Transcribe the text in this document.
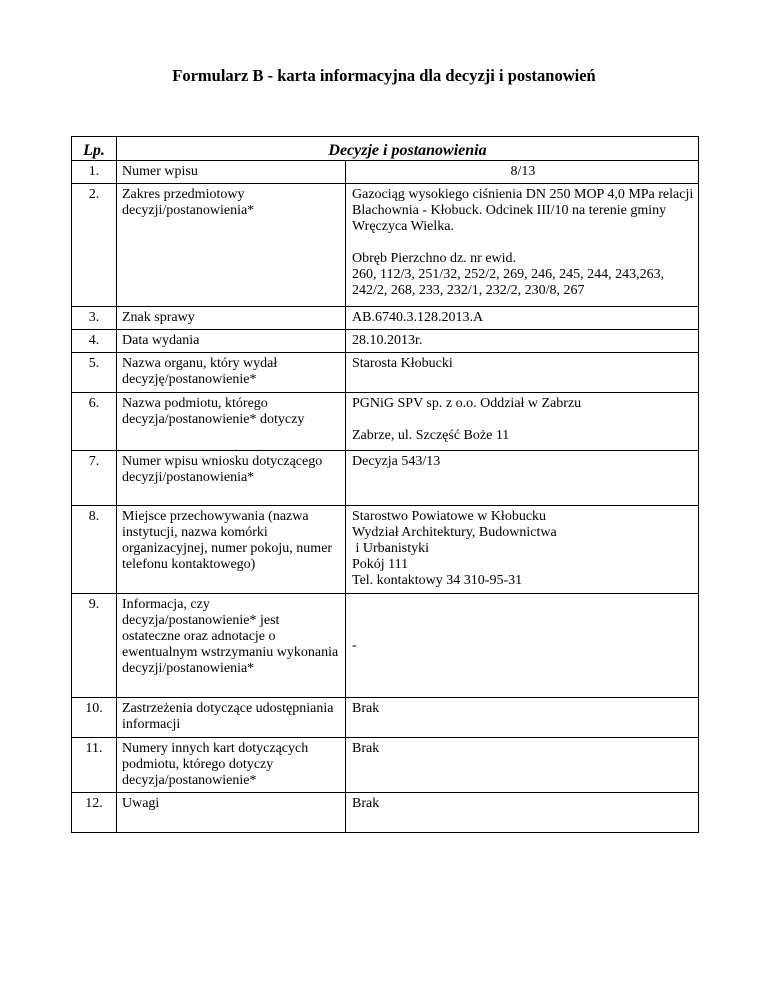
Formularz B - karta informacyjna dla decyzji i postanowień
Lp.	Decyzje i postanowienia	
1.	Numer wpisu	8/13
2.	Zakres przedmiotowy decyzji/postanowienia*	Gazociąg wysokiego ciśnienia DN 250 MOP 4,0 MPa relacji Blachownia - Kłobuck. Odcinek III/10 na terenie gminy Wręczyca Wielka.
Obręb Pierzchno dz. nr ewid.
260, 112/3, 251/32, 252/2, 269, 246, 245, 244, 243,263, 242/2, 268, 233, 232/1, 232/2, 230/8, 267

3.	Znak sprawy	AB.6740.3.128.2013.A
4.	Data wydania	28.10.2013r.
5.	Nazwa organu, który wydał decyzję/postanowienie*	Starosta Kłobucki
6.	Nazwa podmiotu, którego decyzja/postanowienie* dotyczy	PGNiG SPV sp. z o.o. Oddział w Zabrzu
Zabrze, ul. Szczęść Boże 11

7.	Numer wpisu wniosku dotyczącego decyzji/postanowienia*	Decyzja 543/13
8.	Miejsce przechowywania (nazwa instytucji, nazwa komórki organizacyjnej, numer pokoju, numer telefonu kontaktowego)	Starostwo Powiatowe w Kłobucku
Wydział Architektury, Budownictwa
i Urbanistyki
Pokój 111
Tel. kontaktowy 34 310-95-31

9.	Informacja, czy decyzja/postanowienie* jest ostateczne oraz adnotacje o ewentualnym wstrzymaniu wykonania decyzji/postanowienia*	-
10.	Zastrzeżenia dotyczące udostępniania informacji	Brak
11.	Numery innych kart dotyczących podmiotu, którego dotyczy decyzja/postanowienie*	Brak
12.	Uwagi	Brak
